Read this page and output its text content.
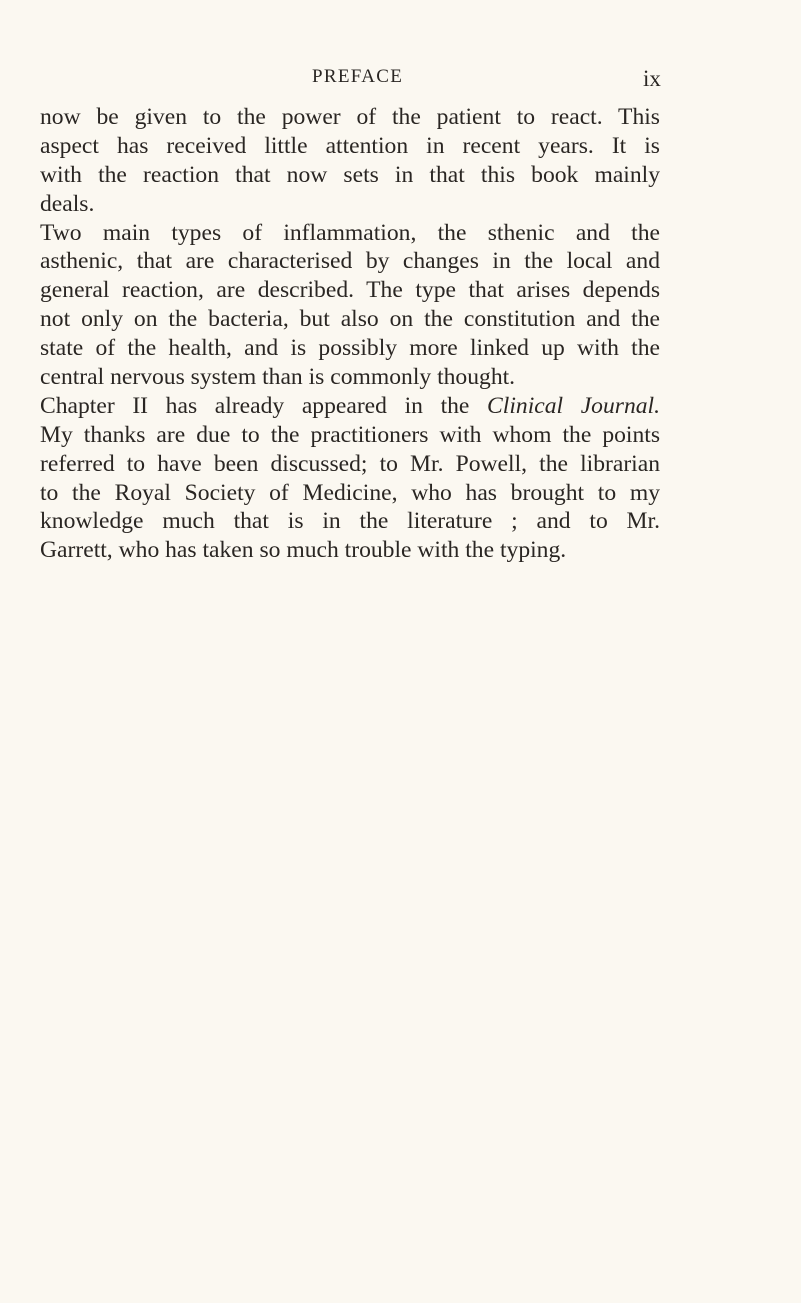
PREFACE	ix
now be given to the power of the patient to react. This
aspect has received little attention in recent years. It is
with the reaction that now sets in that this book mainly
deals.
Two main types of inflammation, the sthenic and the
asthenic, that are characterised by changes in the local and
general reaction, are described. The type that arises depends
not only on the bacteria, but also on the constitution and the
state of the health, and is possibly more linked up with the
central nervous system than is commonly thought.
Chapter II has already appeared in the Clinical Journal.
My thanks are due to the practitioners with whom the points
referred to have been discussed; to Mr. Powell, the librarian
to the Royal Society of Medicine, who has brought to my
knowledge much that is in the literature ; and to Mr.
Garrett, who has taken so much trouble with the typing.
